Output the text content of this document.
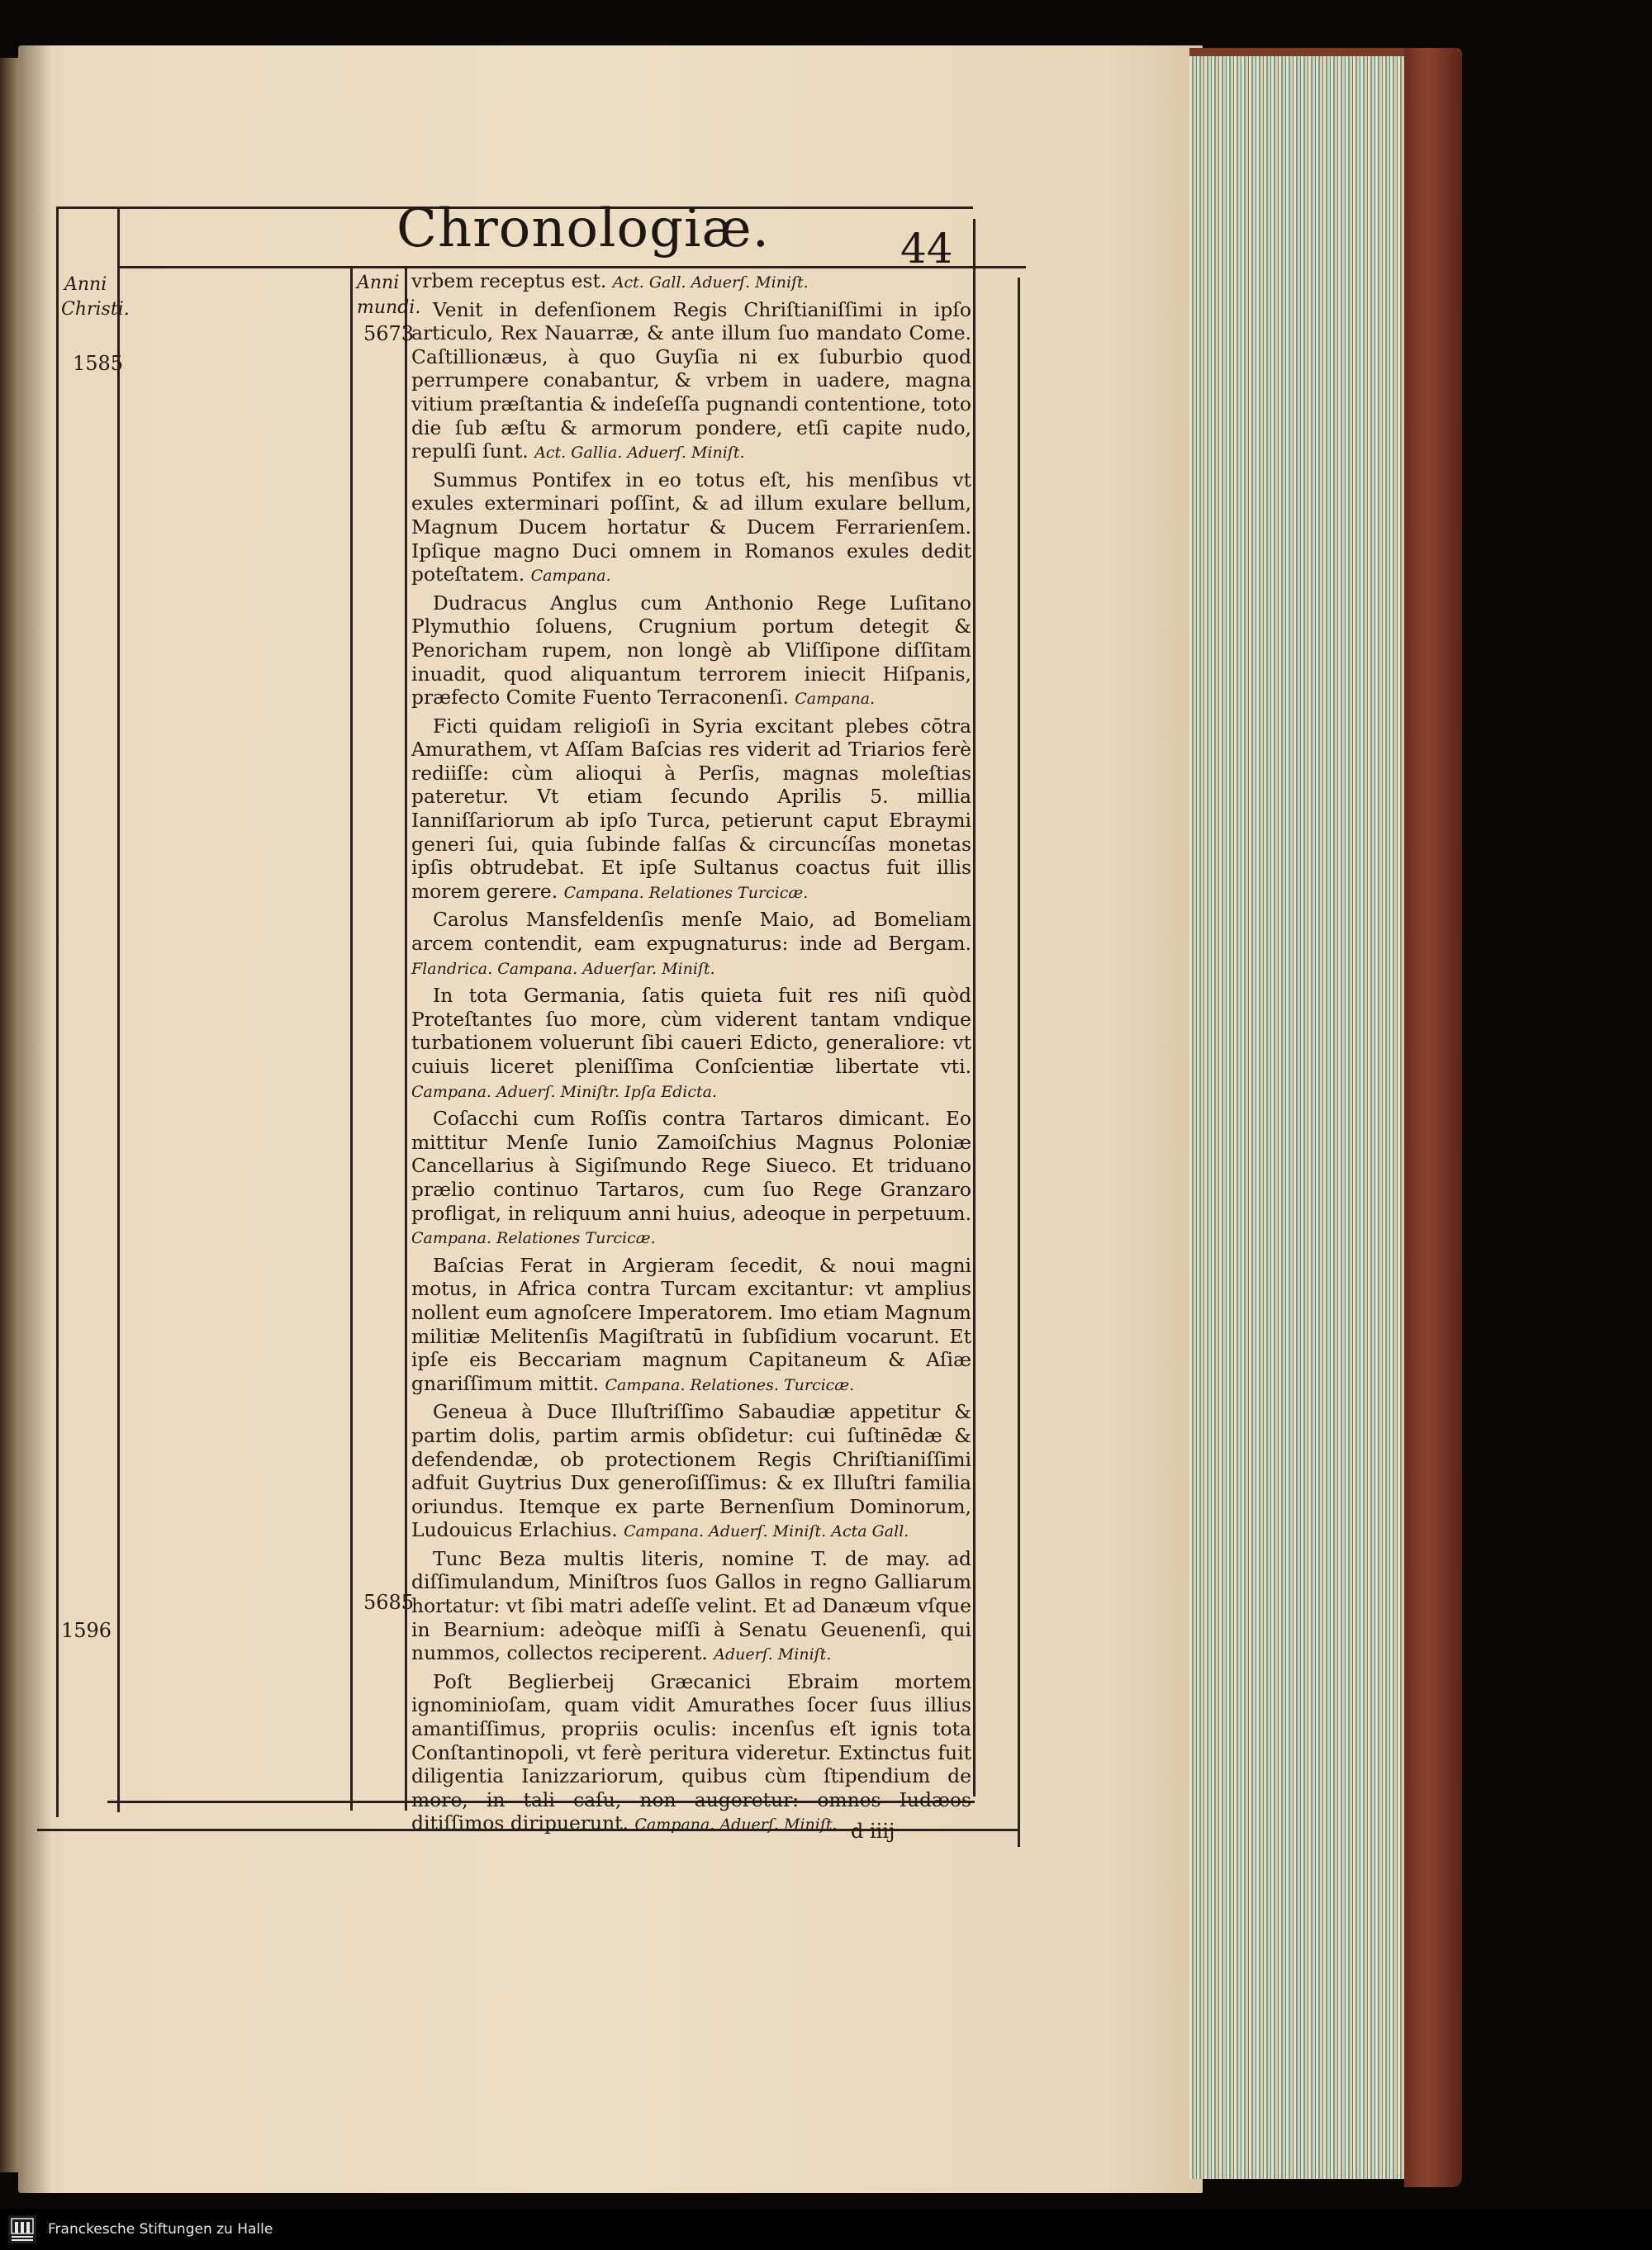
Chronologiæ.	44
Anni
Christi.
Anni
mundi.
1585
5673
1596
5685

vrbem receptus est. Act. Gall. Aduerſ. Miniſt.

Venit in defenſionem Regis Chriſtianiſſimi in ipſo articulo, Rex Nauarræ, & ante illum ſuo mandato Come. Caſtillionæus, à quo Guyſia ni ex ſuburbio quod perrumpere conabantur, & vrbem in uadere, magna vitium præſtantia & indeſeſſa pugnandi contentione, toto die ſub æſtu & armorum pondere, etſi capite nudo, repulſi ſunt. Act. Gallia. Aduerſ. Miniſt.

Summus Pontifex in eo totus eſt, his menſibus vt exules exterminari poſſint, & ad illum exulare bellum, Magnum Ducem hortatur & Ducem Ferrarienſem. Ipſique magno Duci omnem in Romanos exules dedit poteſtatem. Campana.

Dudracus Anglus cum Anthonio Rege Luſitano Plymuthio ſoluens, Crugnium portum detegit & Penoricham rupem, non longè ab Vliſſipone diſſitam inuadit, quod aliquantum terrorem iniecit Hiſpanis, præfecto Comite Fuento Terraconenſi. Campana.

Ficti quidam religioſi in Syria excitant plebes cōtra Amurathem, vt Aſſam Baſcias res viderit ad Triarios ferè rediiſſe: cùm alioqui à Perſis, magnas moleſtias pateretur. Vt etiam ſecundo Aprilis 5. millia Ianniſſariorum ab ipſo Turca, petierunt caput Ebraymi generi ſui, quia ſubinde falſas & circuncíſas monetas ipſis obtrudebat. Et ipſe Sultanus coactus fuit illis morem gerere. Campana. Relationes Turcicæ.

Carolus Mansfeldenſis menſe Maio, ad Bomeliam arcem contendit, eam expugnaturus: inde ad Bergam. Flandrica. Campana. Aduerſar. Miniſt.

In tota Germania, ſatis quieta fuit res niſi quòd Proteſtantes ſuo more, cùm viderent tantam vndique turbationem voluerunt ſibi caueri Edicto, generaliore: vt cuiuis liceret pleniſſima Conſcientiæ libertate vti. Campana. Aduerſ. Miniſtr. Ipſa Edicta.

Coſacchi cum Roſſis contra Tartaros dimicant. Eo mittitur Menſe Iunio Zamoiſchius Magnus Poloniæ Cancellarius à Sigiſmundo Rege Siueco. Et triduano prælio continuo Tartaros, cum ſuo Rege Granzaro profligat, in reliquum anni huius, adeoque in perpetuum. Campana. Relationes Turcicæ.

Baſcias Ferat in Argieram ſecedit, & noui magni motus, in Africa contra Turcam excitantur: vt amplius nollent eum agnoſcere Imperatorem. Imo etiam Magnum militiæ Melitenſis Magiſtratū in ſubſidium vocarunt. Et ipſe eis Beccariam magnum Capitaneum & Aſiæ gnariſſimum mittit. Campana. Relationes. Turcicæ.

Geneua à Duce Illuſtriſſimo Sabaudiæ appetitur & partim dolis, partim armis obſidetur: cui ſuſtinēdæ & defendendæ, ob protectionem Regis Chriſtianiſſimi adfuit Guytrius Dux generoſiſſimus: & ex Illuſtri familia oriundus. Itemque ex parte Bernenſium Dominorum, Ludouicus Erlachius. Campana. Aduerſ. Miniſt. Acta Gall.

Tunc Beza multis literis, nomine T. de may. ad diſſimulandum, Miniſtros ſuos Gallos in regno Galliarum hortatur: vt ſibi matri adeſſe velint. Et ad Danæum vſque in Bearnium: adeòque miſſi à Senatu Geuenenſi, qui nummos, collectos reciperent. Aduerſ. Miniſt.

Poſt Beglierbeij Græcanici Ebraim mortem ignominioſam, quam vidit Amurathes ſocer ſuus illius amantiſſimus, propriis oculis: incenſus eſt ignis tota Conſtantinopoli, vt ferè peritura videretur. Extinctus fuit diligentia Ianizzariorum, quibus cùm ſtipendium de more, in tali caſu, non augeretur: omnes Iudæos ditiſſimos diripuerunt. Campana. Aduerſ. Miniſt. d iiij
Franckesche Stiftungen zu Halle
